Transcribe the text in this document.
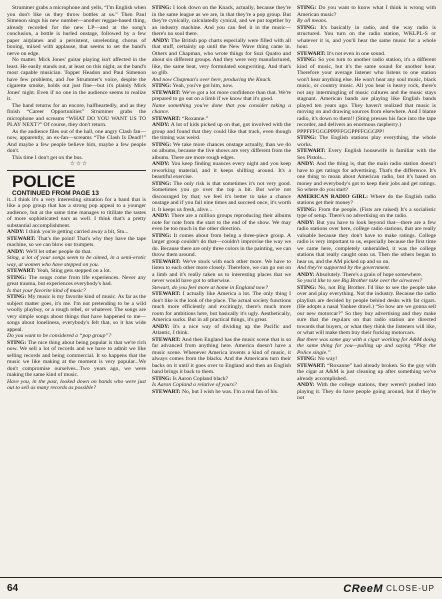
Strummer grabs a microphone and yells, “I'm English when you don't like us they throw bottles at us.” Then Paul Simenon sings his new number—another reggae-based thing, already recorded for the new LP—and at the song's conclusion, a bottle is hurled onstage, followed by a few paper airplanes and a persistent, unrelenting chorus of booing, mixed with applause, that seems to set the band's nerve on edge.

No matter. Mick Jones' guitar playing isn't affected in the least. He easily stands out, at least on this night, as the band's most capable musician. Topper Headon and Paul Simenon have few problems, and Joe Strummer's voice, despite the cigarette smoke, holds out just fine—but it's plainly Mick Jones' night. Even if no one in the audience seems to realize it.

The band returns for an encore, halfheartedly, and as they finish “Career Opportunities” Strummer grabs the microphone and screams “WHAT DO YOU WANT US TO PLAY NEXT?” Of course, they don't return.

As the audience files out of the hall, one angry Clash fan—now, apparently, an ex-fan—screams “The Clash Is Dead!!” And maybe a few people believe him, maybe a few people don't.

This time I don't get on the bus.

☆☆☆

POLICE

CONTINUED FROM PAGE 13

it...I think it's a very interesting situation for a band that is like a pop group that has a strong pop appeal to a younger audience, but at the same time manages to titillate the tastes of more sophisticated ears as well. I think that's a pretty substantial accomplishment.

ANDY: I think you're getting carried away a bit, Stu...

STEWART: That's the point! That's why they have the tape machine, so we can blow our trumpets.

ANDY: We'll let other people do that.

Sting, a lot of your songs seem to be aimed, in a semi-erotic way, at women who have stepped on you.

STEWART: Yeah, Sting gets stepped on a lot.

STING: The songs come from life experiences. Never any great trauma, but experiences everybody's had.

Is that your favorite kind of music?

STING: My music is my favorite kind of music. As far as the subject matter goes, it's me. I'm not pretending to be a wild woolly playboy, or a rough rebel, or whatever. The songs are very simple songs about things that have happened to me—songs about loneliness, everybody's felt that, so it has wide appeal.

Do you want to be considered a “pop group”?

STING: The nice thing about being popular is that we're rich now. We sell a lot of records and we have to admit we like selling records and being commercial. It so happens that the music we like making at the moment is very popular...We don't compromise ourselves...Two years ago, we were making the same kind of music.

Have you, in the past, looked down on bands who were just out to sell as many records as possible?

STING: I look down on the Knack, actually, because they're in the same league as we are, in that they're a pop group. But they're cynically, calculatedly cynical, and we put together by an industry machine. And you can feel it in the music—there's no soul there.

ANDY: The British pop charts especially were filled with all that stuff, certainly up until the New Wave thing came in. Others and Chapman, who wrote things for Suzi Quatro and about six different groups. And they were very manufactured, like, the same beat, very formulated songwriting. And that's so glib.

And now Chapman's over here, producing the Knack.

STING: Yeah, you've got him, now.

STEWART: We've got a lot more confidence than that. We're prepared to go out on a limb if we know that it's good.

Name something you've done that you consider taking a chance.

STEWART: “Roxanne.”

ANDY: A lot of kids picked up on that, got involved with the group and found that they could like that track, even though the timing was weird.

STING: We take more chances onstage actually, than we do on albums, because the live shows are very different from the albums. There are more rough edges.

ANDY: You keep finding nuances every night and you keep reworking material, and it keeps shifting around. It's a beautiful exercise.

STING: The only risk is that sometimes it's not very good. Sometimes you go over the top a bit. But we're not discouraged by that; we feel it's better to take a chance onstage and if you fail nine times and succeed once, it's worth it. It keeps us fresh, alive...

ANDY: There are a million groups reproducing their albums note for note from the start to the end of the show. We may even be too much in the other direction.

STING: It comes about from being a three-piece group. A larger group couldn't do that—couldn't improvise the way we do. Because there are only three colors in the painting, we can throw them around.

STEWART: We've stuck with each other more. We have to listen to each other more closely. Therefore, we can go out on a limb and it's really taken us to interesting places that we never would have got to otherwise.

Stewart, do you feel more at home in England now?

STEWART: I actually like America a lot. The only thing I don't like is the look of the place. The actual society functions much more efficiently and excitingly, there's much more room for ambitions here, but basically it's ugly. Aesthetically, America sucks. But in all practical things, it's great.

ANDY: It's a nice way of dividing up the Pacific and Atlantic, I think.

STEWART: And then England has the music scene that is so far advanced from anything here. America doesn't have a music scene. Whenever America invents a kind of music, it always comes from the blacks. And the Americans turn their backs on it until it goes over to England and then an English band brings it back to them.

STING: Is Aaron Copland black?

Is Aaron Copland a relative of yours?

STEWART: No, but I wish he was. I'm a real fan of his.

STING: Do you want to know what I think is wrong with American music?

By all means.

STING: It's basically in radio, and the way radio is structured. You turn on the radio station, WKLPL-S or whatever it is, and you'll hear the same music for a whole hour.

STEWART: It's not even in one sound.

STING: So you turn to another radio station, it's a different kind of music, but it's the same sound for another hour. Therefore your average listener who listens to one station won't hear anything else. He won't hear any soul music, black music, or country music. All you hear is heavy rock, there's not any intermingling of music cultures and the music stays stagnant. American bands are playing like English bands played ten years ago. They haven't realized that music is moving on and drawing sources from elsewhere. And I blame radio, it's down to them!! (Sting presses his face into the tape recorder, and delivers an enormous raspberry.)

PPPFFFGGGPPPFFGGPPFFGGGPP!

STING: The English stations play everything, the whole works.

STEWART: Every English housewife is familiar with the Sex Pistols...

ANDY: And the thing is, that the main radio station doesn't have to get ratings for advertising. That's the difference. It's one thing to moan about American radio, but it's based on money and everybody's got to keep their jobs and get ratings. So where do you start?

AMERICAN RADIO GIRL: Where do the English radio stations get their money?

STING: From the people. (Fists are raised) It's a socialistic type of setup. There's no advertising on the radio.

ANDY: But you have to look beyond that—there are a few radio stations over here, college radio stations, that are really valuable because they don't have to make ratings. College radio is very important to us, especially because the first time we came here, completely unheralded, it was the college stations that really caught onto us. Then the others began to hear us, and the AM picked up and so on.

And they're supported by the government.

ANDY: Absolutely. There's a grain of hope somewhere.

So you'd like to see Big Brother take over the airwaves?

STING: No, not Big Brother. I'd like to see the people take over and play everything. Not the industry. Because the radio playlists are decided by people behind desks with fat cigars. (He adopts a nasal Yankee drawl.) “So how are we gonna sell our new motorcar?” So they buy advertising and they make sure that the regulars on that radio station are directed towards that buyers, or what they think the listeners will like, or what will make them buy their fucking motorcars.

But there was some guy with a cigar working for A&M doing the same thing for you—pulling up and saying “Play the Police single.”

STING: No way!

STEWART: “Roxanne” had already broken. So the guy with the cigar at A&M is just cleaning up after something we've already accomplished.

ANDY: With the college stations, they weren't pushed into playing it. They do have people going around, but if they're not

64	CReeM CLOSE-UP
